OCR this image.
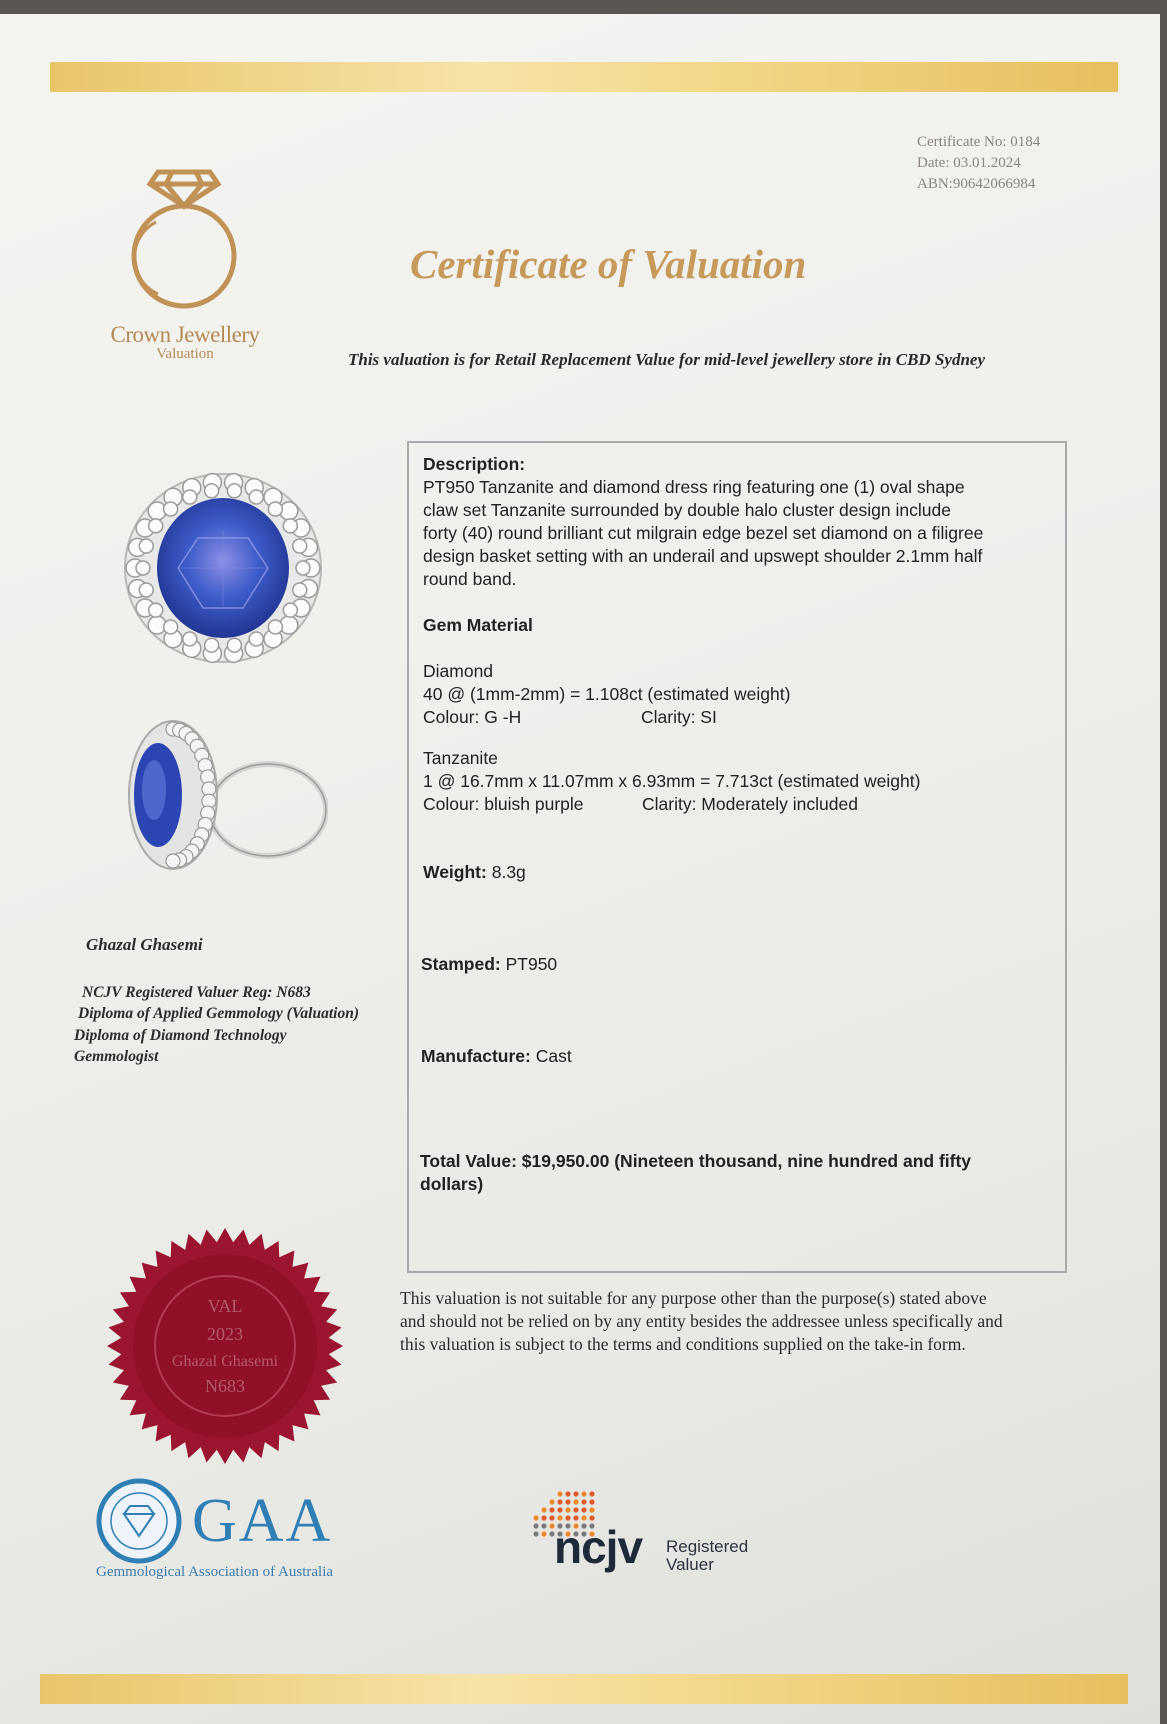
Certificate No: 0184
Date: 03.01.2024
ABN:90642066984
Crown Jewellery
Valuation
Certificate of Valuation
This valuation is for Retail Replacement Value for mid-level jewellery store in CBD Sydney
Ghazal Ghasemi
NCJV Registered Valuer Reg: N683
Diploma of Applied Gemmology (Valuation)
Diploma of Diamond Technology
Gemmologist
Description:
PT950 Tanzanite and diamond dress ring featuring one (1) oval shape
claw set Tanzanite surrounded by double halo cluster design include
forty (40) round brilliant cut milgrain edge bezel set diamond on a filigree
design basket setting with an underail and upswept shoulder 2.1mm half
round band.
Gem Material
Diamond
40 @ (1mm-2mm) = 1.108ct (estimated weight)
Colour: G -H	Clarity: SI
Tanzanite
1 @ 16.7mm x 11.07mm x 6.93mm = 7.713ct (estimated weight)
Colour: bluish purple	Clarity: Moderately included
Weight: 8.3g
Stamped: PT950
Manufacture: Cast
Total Value: $19,950.00 (Nineteen thousand, nine hundred and fifty
dollars)
This valuation is not suitable for any purpose other than the purpose(s) stated above
and should not be relied on by any entity besides the addressee unless specifically and
this valuation is subject to the terms and conditions supplied on the take-in form.
VAL
2023
Ghazal Ghasemi
N683
GAA
Gemmological Association of Australia	ncjv Registered
Valuer
